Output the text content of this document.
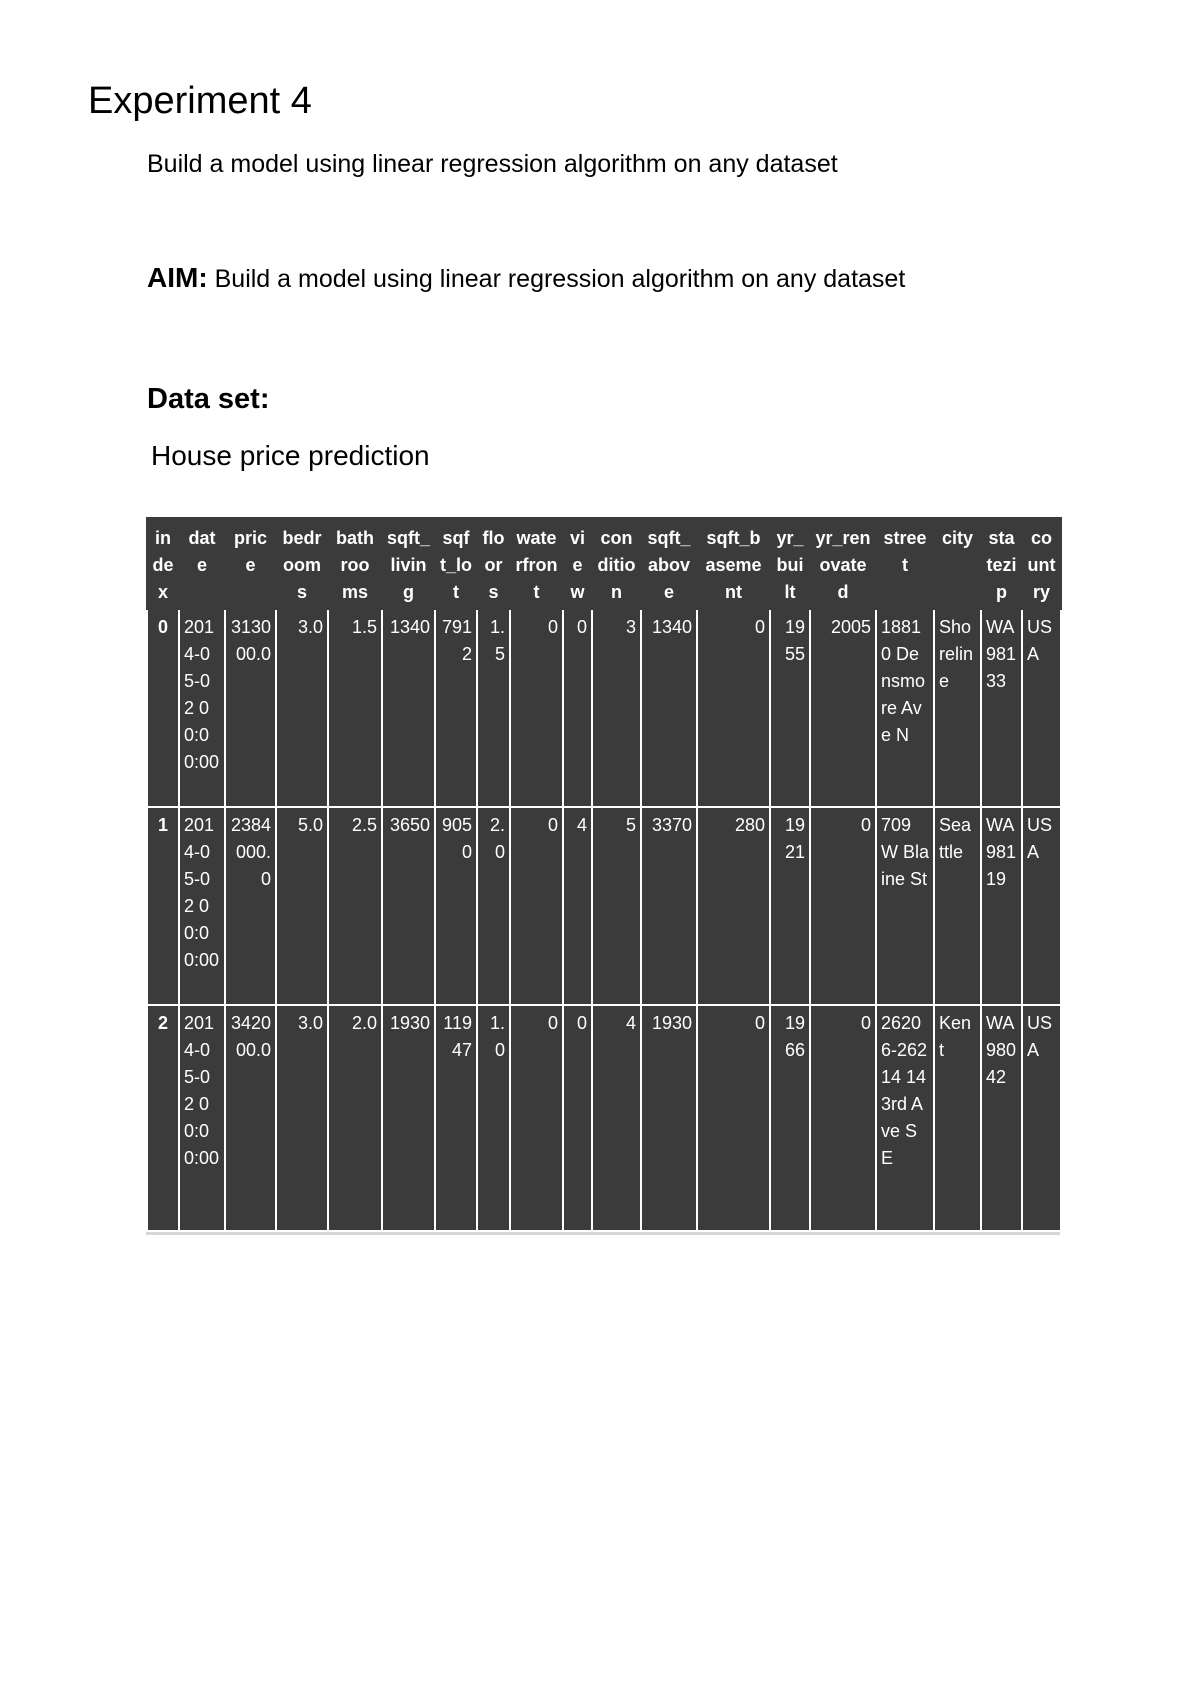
Experiment 4

Build a model using linear regression algorithm on any dataset

AIM: Build a model using linear regression algorithm on any dataset

Data set:

House price prediction

index	date	price	bedrooms	bathrooms	sqft_living	sqft_lot	floors	waterfront	view	condition	sqft_above	sqft_basement	yr_built	yr_renovated	street	city	statezip	country
0	2014-05-02 00:00:00	313000.0	3.0	1.5	1340	7912	1.5	0	0	3	1340	0	1955	2005	18810 Densmore Ave N	Shoreline	WA 98133	USA
1	2014-05-02 00:00:00	2384000.0	5.0	2.5	3650	9050	2.0	0	4	5	3370	280	1921	0	709 W Blaine St	Seattle	WA 98119	USA
2	2014-05-02 00:00:00	342000.0	3.0	2.0	1930	11947	1.0	0	0	4	1930	0	1966	0	26206-26214 143rd Ave SE	Kent	WA 98042	USA
